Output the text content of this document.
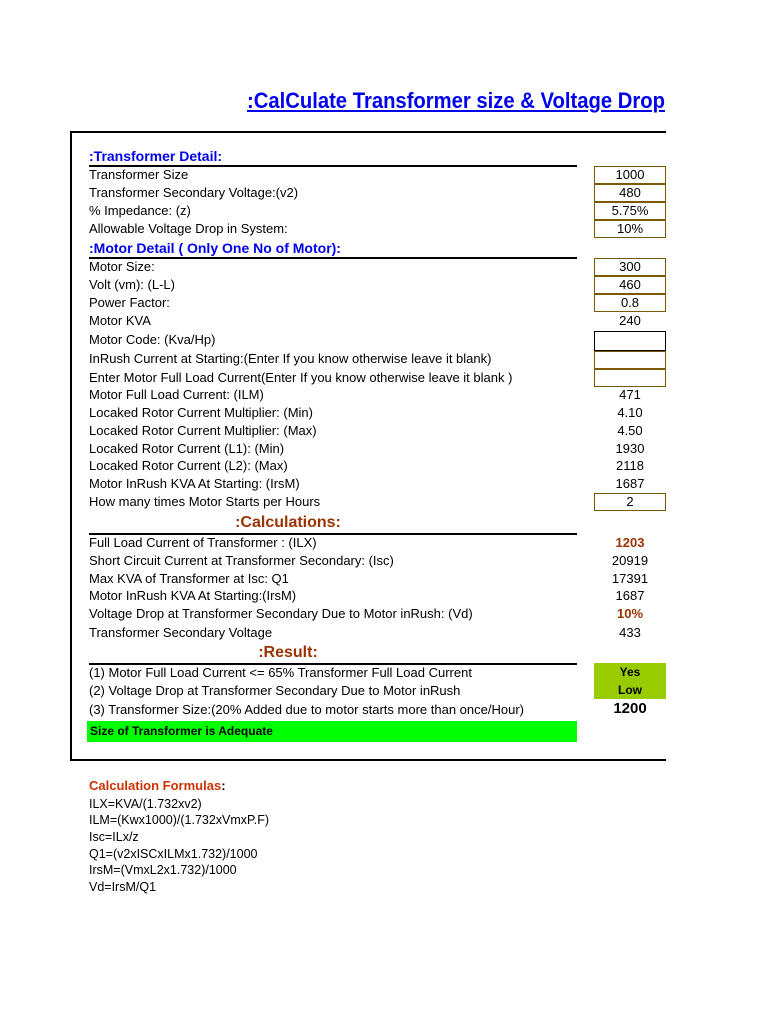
:CalCulate Transformer size & Voltage Drop
:Transformer Detail:
Transformer Size	1000
Transformer Secondary Voltage:(v2)	480
% Impedance: (z)	5.75%
Allowable Voltage Drop in System:	10%
:Motor Detail ( Only One No of Motor):
Motor Size:	300
Volt (vm): (L-L)	460
Power Factor:	0.8
Motor KVA	240
Motor Code: (Kva/Hp)
InRush Current at Starting:(Enter If you know otherwise leave it blank)
Enter Motor Full Load Current(Enter If you know otherwise leave it blank )
Motor Full Load Current: (ILM)	471
Locaked Rotor Current Multiplier: (Min)	4.10
Locaked Rotor Current Multiplier: (Max)	4.50
Locaked Rotor Current (L1): (Min)	1930
Locaked Rotor Current (L2): (Max)	2118
Motor InRush KVA At Starting: (IrsM)	1687
How many times Motor Starts per Hours	2
:Calculations:
Full Load Current of Transformer : (ILX)	1203
Short Circuit Current at Transformer Secondary: (Isc)	20919
Max KVA of Transformer at Isc: Q1	17391
Motor InRush KVA At Starting:(IrsM)	1687
Voltage Drop at Transformer Secondary Due to Motor inRush: (Vd)	10%
Transformer Secondary Voltage	433
:Result:
(1) Motor Full Load Current <= 65% Transformer Full Load Current	Yes
(2) Voltage Drop at Transformer Secondary Due to Motor inRush	Low
(3) Transformer Size:(20% Added due to motor starts more than once/Hour)	1200
Size of Transformer is Adequate
Calculation Formulas:
ILX=KVA/(1.732xv2)
ILM=(Kwx1000)/(1.732xVmxP.F)
Isc=ILx/z
Q1=(v2xISCxILMx1.732)/1000
IrsM=(VmxL2x1.732)/1000
Vd=IrsM/Q1
